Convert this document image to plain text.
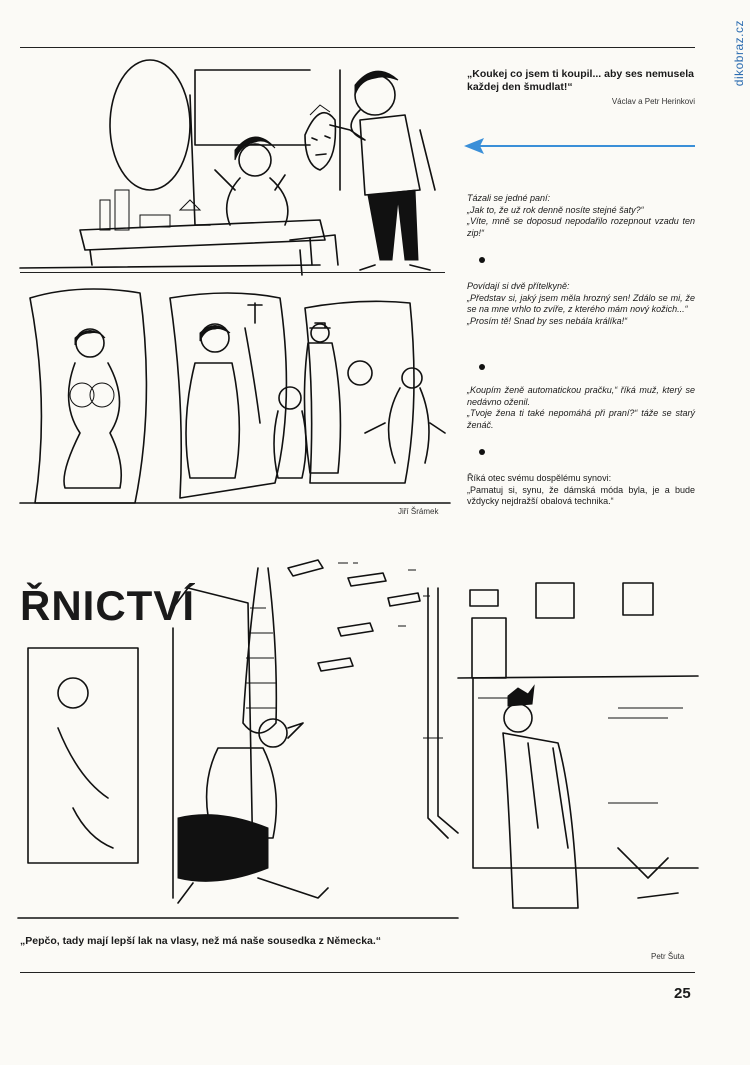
dikobraz.cz
„Koukej co jsem ti koupil... aby ses nemusela každej den šmudlat!“
Václav a Petr Herinkovi
Jiří Šrámek

Tázali se jedné paní:

„Jak to, že už rok denně nosíte stejné šaty?“

„Víte, mně se doposud nepodařilo rozepnout vzadu ten zip!“

Povídají si dvě přítelkyně:

„Představ si, jaký jsem měla hrozný sen! Zdálo se mi, že se na mne vrhlo to zvíře, z kterého mám nový kožich...“

„Prosím tě! Snad by ses nebála králíka!“

„Koupím ženě automatickou pračku,“ říká muž, který se nedávno oženil.

„Tvoje žena ti také nepomáhá při praní?“ táže se starý ženáč.

Říká otec svému dospělému synovi:

„Pamatuj si, synu, že dámská móda byla, je a bude vždycky nejdražší obalová technika.“

ŘNICTVÍ
„Pepčo, tady mají lepší lak na vlasy, než má naše sousedka z Německa.“
Petr Šuta
25
